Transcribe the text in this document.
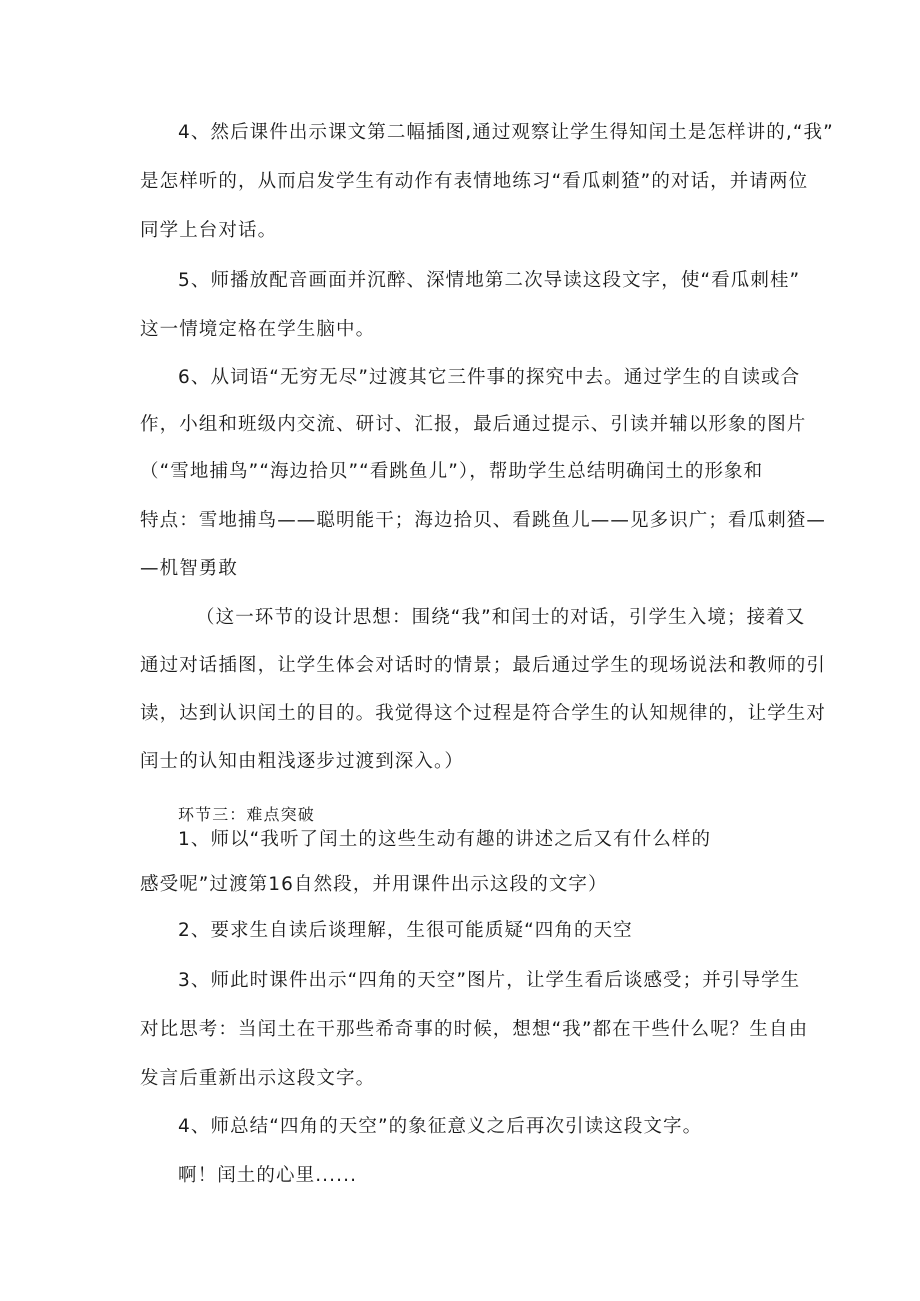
4、然后课件出示课文第二幅插图,通过观察让学生得知闰土是怎样讲的,“我”
是怎样听的，从而启发学生有动作有表情地练习“看瓜刺猹”的对话，并请两位
同学上台对话。
5、师播放配音画面并沉醉、深情地第二次导读这段文字，使“看瓜刺桂”
这一情境定格在学生脑中。
6、从词语“无穷无尽”过渡其它三件事的探究中去。通过学生的自读或合
作，小组和班级内交流、研讨、汇报，最后通过提示、引读并辅以形象的图片
（“雪地捕鸟”“海边拾贝”“看跳鱼儿”），帮助学生总结明确闰土的形象和
特点：雪地捕鸟——聪明能干；海边拾贝、看跳鱼儿——见多识广；看瓜刺猹—
—机智勇敢
（这一环节的设计思想：围绕“我”和闰士的对话，引学生入境；接着又
通过对话插图，让学生体会对话时的情景；最后通过学生的现场说法和教师的引
读，达到认识闰土的目的。我觉得这个过程是符合学生的认知规律的，让学生对
闰士的认知由粗浅逐步过渡到深入。）
环节三：难点突破
1、师以“我听了闰土的这些生动有趣的讲述之后又有什么样的
感受呢”过渡第16自然段，并用课件出示这段的文字）
2、要求生自读后谈理解，生很可能质疑“四角的天空
3、师此时课件出示“四角的天空”图片，让学生看后谈感受；并引导学生
对比思考：当闰土在干那些希奇事的时候，想想“我”都在干些什么呢？生自由
发言后重新出示这段文字。
4、师总结“四角的天空”的象征意义之后再次引读这段文字。
啊！闰土的心里......
